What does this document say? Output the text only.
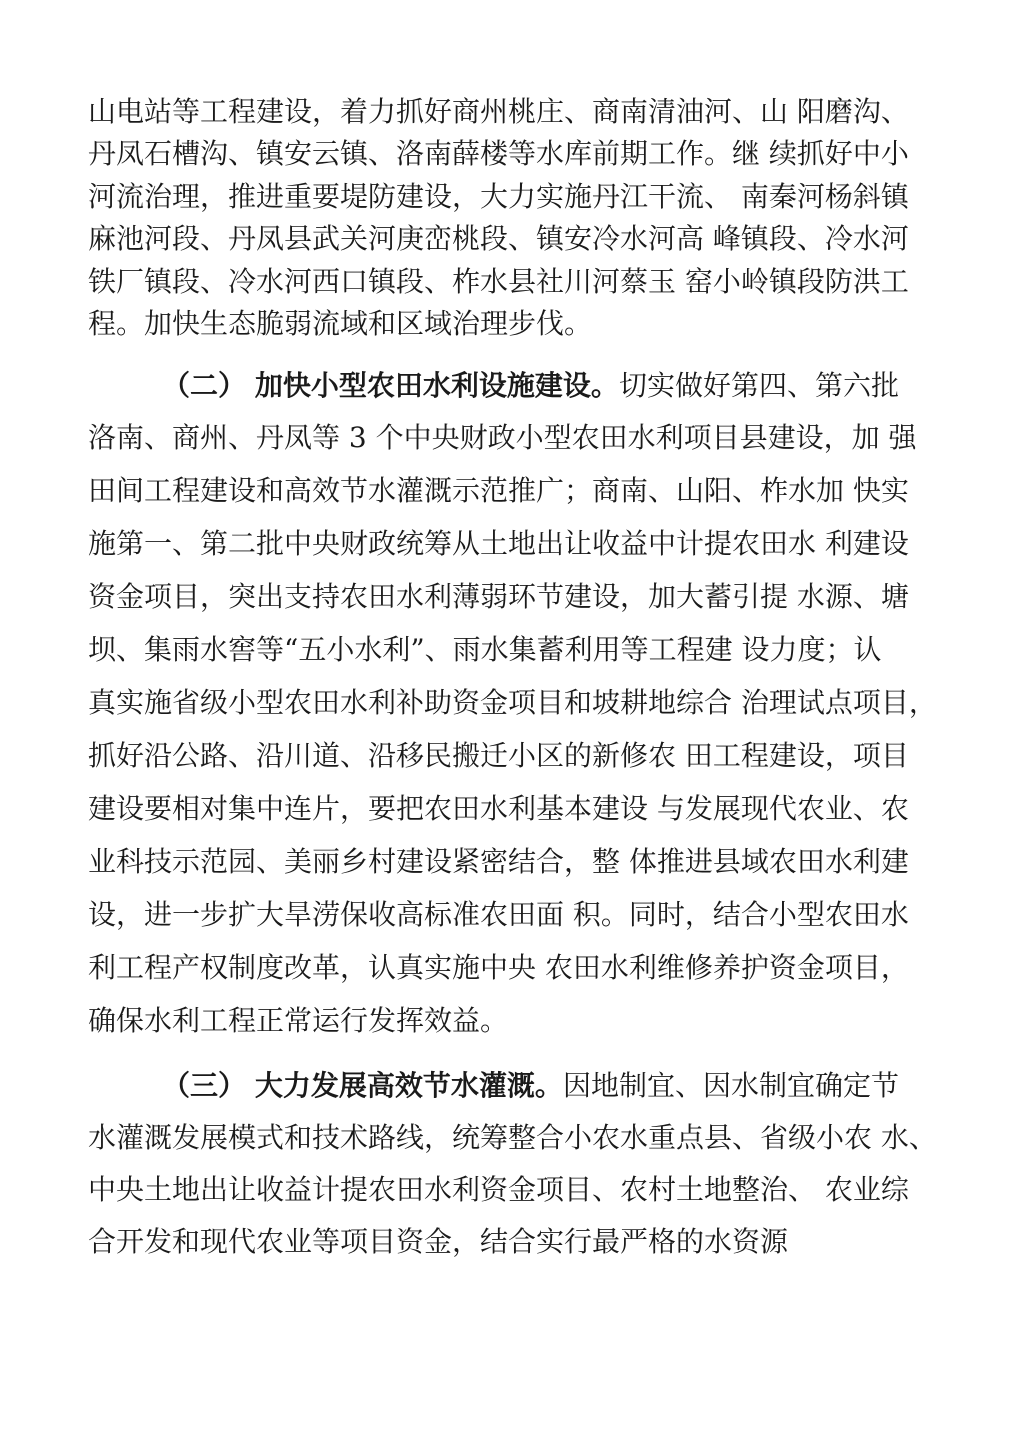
山电站等工程建设，着力抓好商州桃庄、商南清油河、山 阳磨沟、
丹凤石槽沟、镇安云镇、洛南薛楼等水库前期工作。继 续抓好中小
河流治理，推进重要堤防建设，大力实施丹江干流、 南秦河杨斜镇
麻池河段、丹凤县武关河庚峦桃段、镇安冷水河高 峰镇段、冷水河
铁厂镇段、冷水河西口镇段、柞水县社川河蔡玉 窑小岭镇段防洪工
程。加快生态脆弱流域和区域治理步伐。
（二） 加快小型农田水利设施建设。切实做好第四、第六批
洛南、商州、丹凤等 3 个中央财政小型农田水利项目县建设，加 强
田间工程建设和高效节水灌溉示范推广；商南、山阳、柞水加 快实
施第一、第二批中央财政统筹从土地出让收益中计提农田水 利建设
资金项目，突出支持农田水利薄弱环节建设，加大蓄引提 水源、塘
坝、集雨水窖等“五小水利”、雨水集蓄利用等工程建 设力度；认
真实施省级小型农田水利补助资金项目和坡耕地综合 治理试点项目，
抓好沿公路、沿川道、沿移民搬迁小区的新修农 田工程建设，项目
建设要相对集中连片，要把农田水利基本建设 与发展现代农业、农
业科技示范园、美丽乡村建设紧密结合，整 体推进县域农田水利建
设，进一步扩大旱涝保收高标准农田面 积。同时，结合小型农田水
利工程产权制度改革，认真实施中央 农田水利维修养护资金项目，
确保水利工程正常运行发挥效益。
（三） 大力发展高效节水灌溉。因地制宜、因水制宜确定节
水灌溉发展模式和技术路线，统筹整合小农水重点县、省级小农 水、
中央土地出让收益计提农田水利资金项目、农村土地整治、 农业综
合开发和现代农业等项目资金，结合实行最严格的水资源
